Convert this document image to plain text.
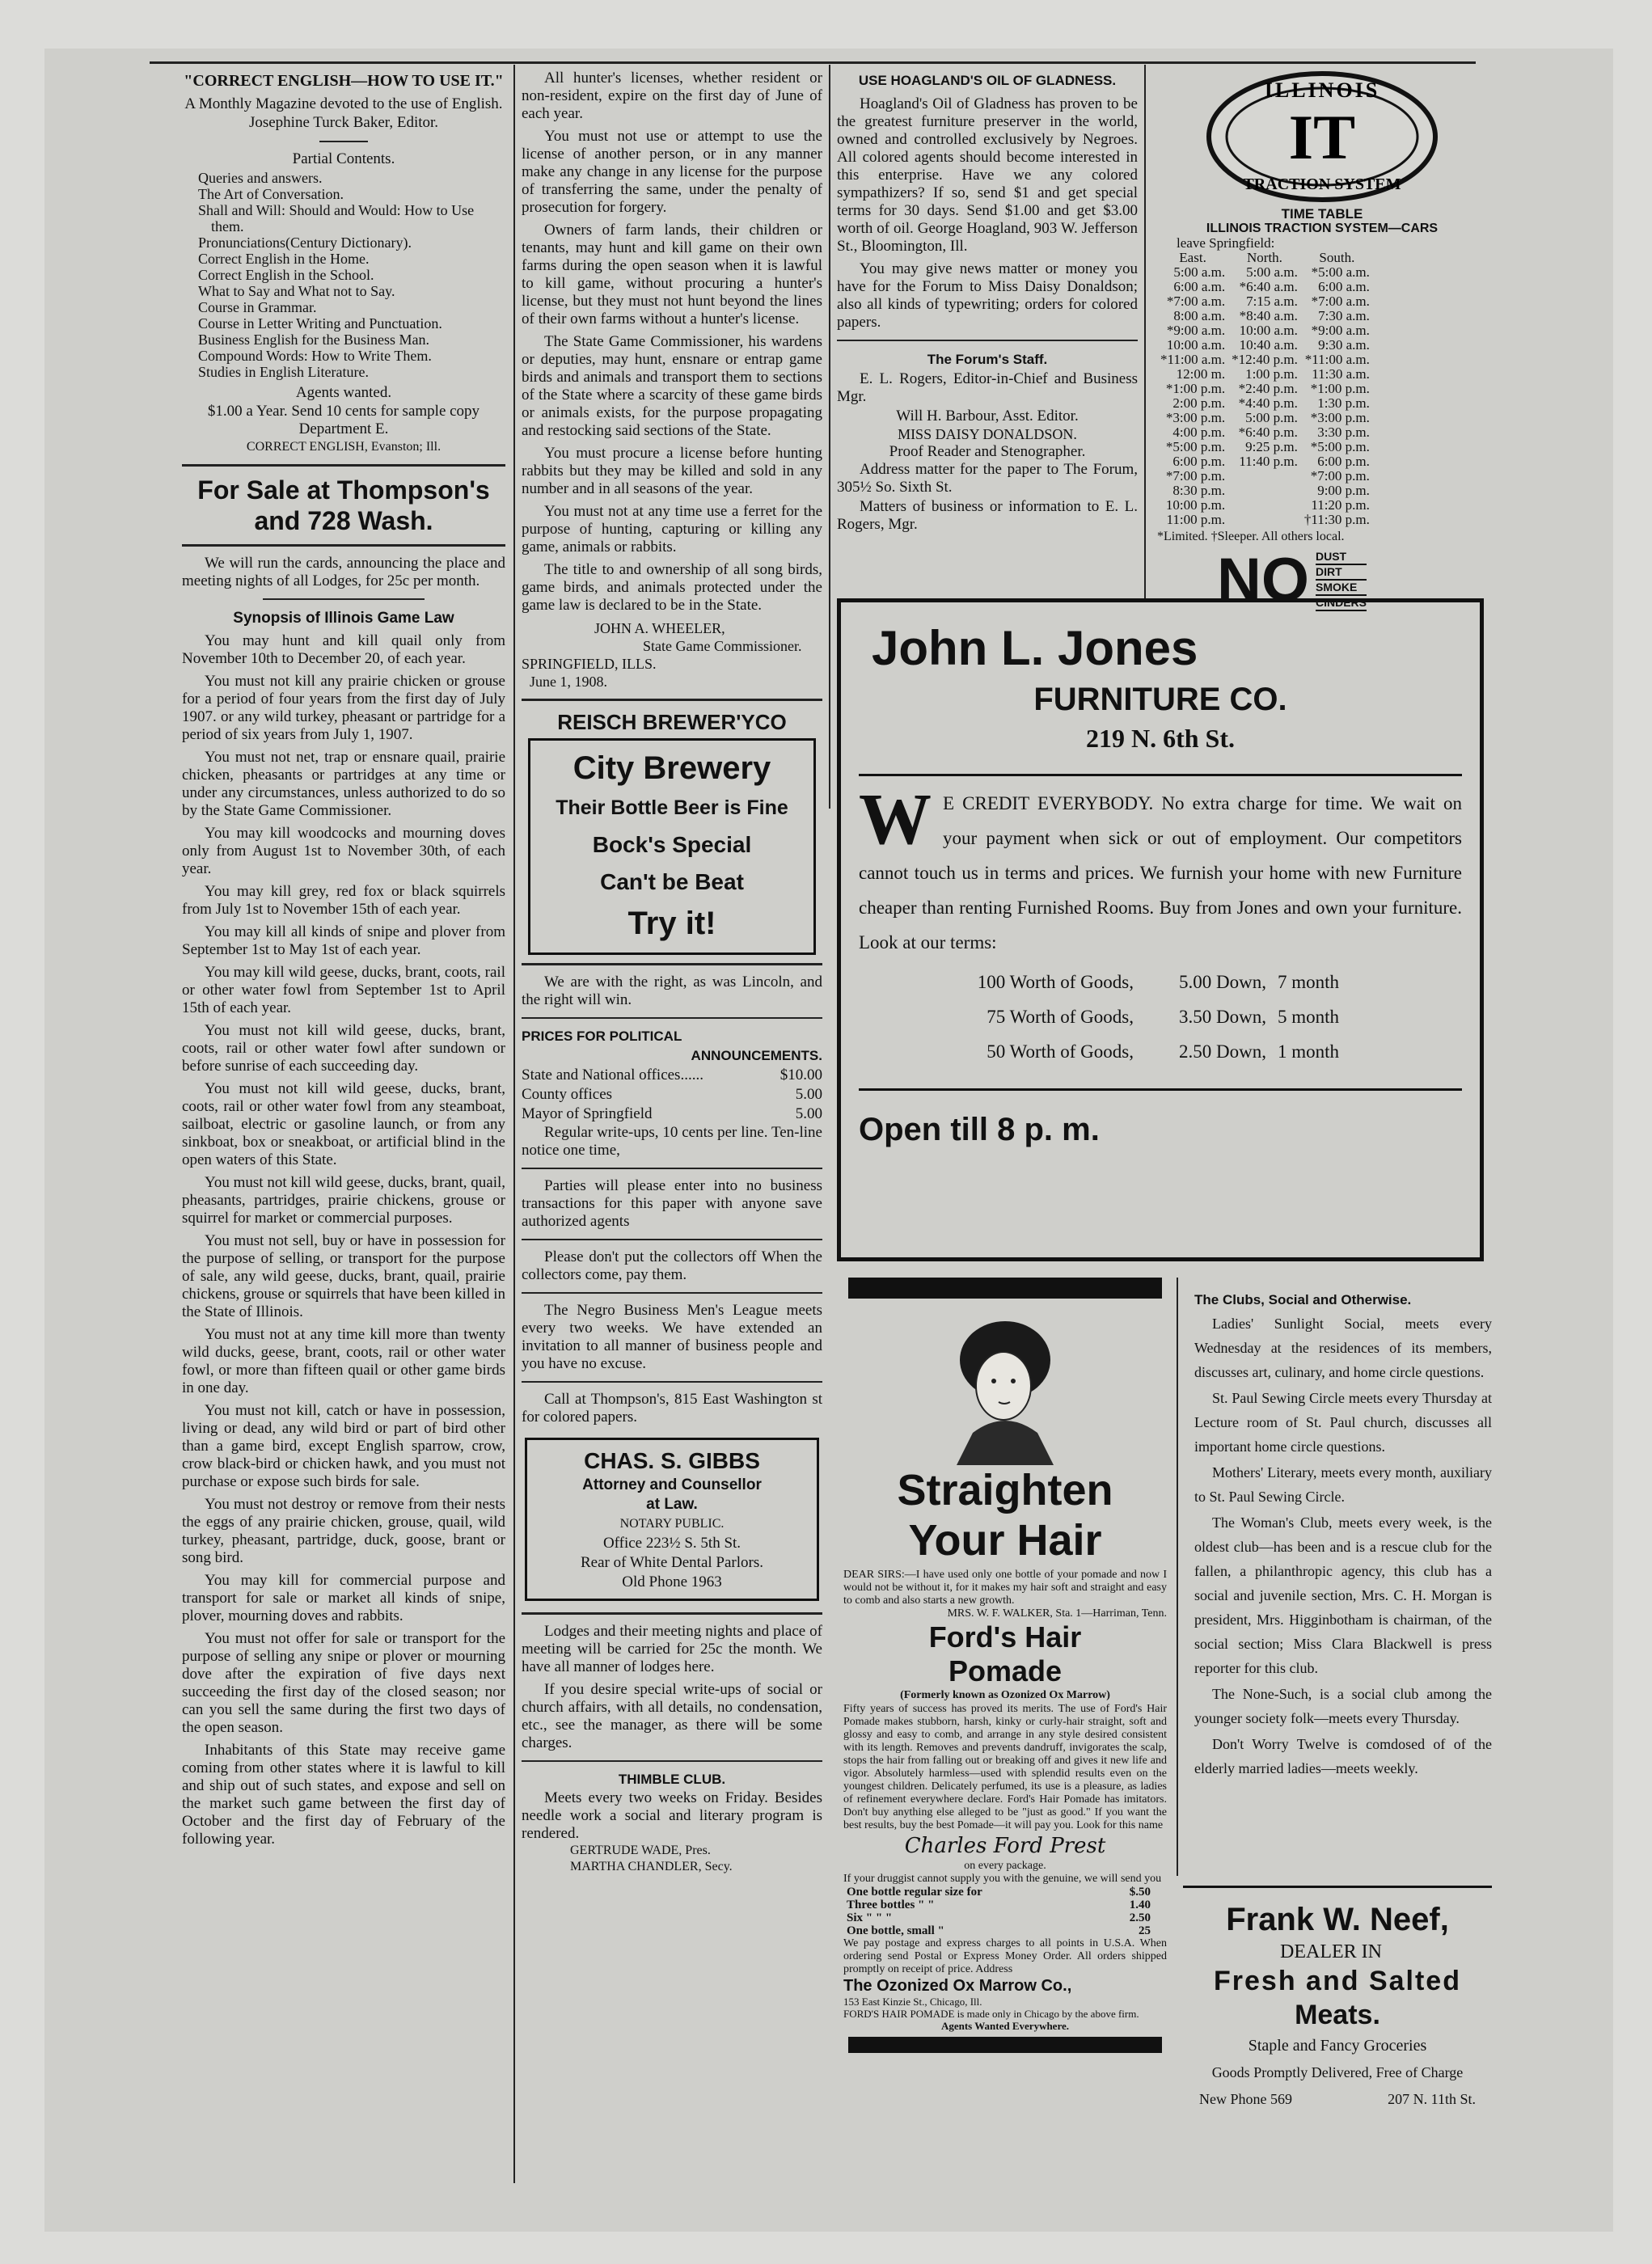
"CORRECT ENGLISH—HOW TO USE IT."
A Monthly Magazine devoted to the use of English.
Josephine Turck Baker, Editor.
Partial Contents.
Queries and answers.
The Art of Conversation.
Shall and Will: Should and Would: How to Use them.
Pronunciations(Century Dictionary).
Correct English in the Home.
Correct English in the School.
What to Say and What not to Say.
Course in Grammar.
Course in Letter Writing and Punctuation.
Business English for the Business Man.
Compound Words: How to Write Them.
Studies in English Literature.
Agents wanted.
$1.00 a Year. Send 10 cents for sample copy
Department E.
CORRECT ENGLISH, Evanston; Ill.
For Sale at Thompson's and 728 Wash.
We will run the cards, announcing the place and meeting nights of all Lodges, for 25c per month.
Synopsis of Illinois Game Law
You may hunt and kill quail only from November 10th to December 20, of each year.
You must not kill any prairie chicken or grouse for a period of four years from the first day of July 1907. or any wild turkey, pheasant or partridge for a period of six years from July 1, 1907.
You must not net, trap or ensnare quail, prairie chicken, pheasants or partridges at any time or under any circumstances, unless authorized to do so by the State Game Commissioner.
You may kill woodcocks and mourning doves only from August 1st to November 30th, of each year.
You may kill grey, red fox or black squirrels from July 1st to November 15th of each year.
You may kill all kinds of snipe and plover from September 1st to May 1st of each year.
You may kill wild geese, ducks, brant, coots, rail or other water fowl from September 1st to April 15th of each year.
You must not kill wild geese, ducks, brant, coots, rail or other water fowl after sundown or before sunrise of each succeeding day.
You must not kill wild geese, ducks, brant, coots, rail or other water fowl from any steamboat, sailboat, electric or gasoline launch, or from any sinkboat, box or sneakboat, or artificial blind in the open waters of this State.
You must not kill wild geese, ducks, brant, quail, pheasants, partridges, prairie chickens, grouse or squirrel for market or commercial purposes.
You must not sell, buy or have in possession for the purpose of selling, or transport for the purpose of sale, any wild geese, ducks, brant, quail, prairie chickens, grouse or squirrels that have been killed in the State of Illinois.
You must not at any time kill more than twenty wild ducks, geese, brant, coots, rail or other water fowl, or more than fifteen quail or other game birds in one day.
You must not kill, catch or have in possession, living or dead, any wild bird or part of bird other than a game bird, except English sparrow, crow, crow black-bird or chicken hawk, and you must not purchase or expose such birds for sale.
You must not destroy or remove from their nests the eggs of any prairie chicken, grouse, quail, wild turkey, pheasant, partridge, duck, goose, brant or song bird.
You may kill for commercial purpose and transport for sale or market all kinds of snipe, plover, mourning doves and rabbits.
You must not offer for sale or transport for the purpose of selling any snipe or plover or mourning dove after the expiration of five days next succeeding the first day of the closed season; nor can you sell the same during the first two days of the open season.
Inhabitants of this State may receive game coming from other states where it is lawful to kill and ship out of such states, and expose and sell on the market such game between the first day of October and the first day of February of the following year.
All hunter's licenses, whether resident or non-resident, expire on the first day of June of each year.
You must not use or attempt to use the license of another person, or in any manner make any change in any license for the purpose of transferring the same, under the penalty of prosecution for forgery.
Owners of farm lands, their children or tenants, may hunt and kill game on their own farms during the open season when it is lawful to kill game, without procuring a hunter's license, but they must not hunt beyond the lines of their own farms without a hunter's license.
The State Game Commissioner, his wardens or deputies, may hunt, ensnare or entrap game birds and animals and transport them to sections of the State where a scarcity of these game birds or animals exists, for the purpose propagating and restocking said sections of the State.
You must procure a license before hunting rabbits but they may be killed and sold in any number and in all seasons of the year.
You must not at any time use a ferret for the purpose of hunting, capturing or killing any game, animals or rabbits.
The title to and ownership of all song birds, game birds, and animals protected under the game law is declared to be in the State.
JOHN A. WHEELER,
State Game Commissioner.
SPRINGFIELD, ILLS.
June 1, 1908.
REISCH BREWER'YCO
City Brewery
Their Bottle Beer is Fine
Bock's Special
Can't be Beat
Try it!
We are with the right, as was Lincoln, and the right will win.
PRICES FOR POLITICAL
ANNOUNCEMENTS.
State and National offices......	$10.00
County offices	5.00
Mayor of Springfield	5.00
Regular write-ups, 10 cents per line. Ten-line notice one time,
Parties will please enter into no business transactions for this paper with anyone save authorized agents
Please don't put the collectors off When the collectors come, pay them.
The Negro Business Men's League meets every two weeks. We have extended an invitation to all manner of business people and you have no excuse.
Call at Thompson's, 815 East Washington st for colored papers.
CHAS. S. GIBBS
Attorney and Counsellor
at Law.
NOTARY PUBLIC.
Office 223½ S. 5th St.
Rear of White Dental Parlors.
Old Phone 1963
Lodges and their meeting nights and place of meeting will be carried for 25c the month. We have all manner of lodges here.
If you desire special write-ups of social or church affairs, with all details, no condensation, etc., see the manager, as there will be some charges.
THIMBLE CLUB.
Meets every two weeks on Friday. Besides needle work a social and literary program is rendered.
GERTRUDE WADE, Pres.
MARTHA CHANDLER, Secy.
USE HOAGLAND'S OIL OF GLADNESS.
Hoagland's Oil of Gladness has proven to be the greatest furniture preserver in the world, owned and controlled exclusively by Negroes. All colored agents should become interested in this enterprise. Have we any colored sympathizers? If so, send $1 and get special terms for 30 days. Send $1.00 and get $3.00 worth of oil. George Hoagland, 903 W. Jefferson St., Bloomington, Ill.
You may give news matter or money you have for the Forum to Miss Daisy Donaldson; also all kinds of typewriting; orders for colored papers.
The Forum's Staff.
E. L. Rogers, Editor-in-Chief and Business Mgr.
Will H. Barbour, Asst. Editor.
MISS DAISY DONALDSON.
Proof Reader and Stenographer.
Address matter for the paper to The Forum, 305½ So. Sixth St.
Matters of business or information to E. L. Rogers, Mgr.
ILLINOIS
IT
TRACTION SYSTEM
TIME TABLE
ILLINOIS TRACTION SYSTEM—CARS
leave Springfield:
East.	North.	South.
5:00 a.m.	5:00 a.m.	*5:00 a.m.
6:00 a.m.	*6:40 a.m.	6:00 a.m.
*7:00 a.m.	7:15 a.m.	*7:00 a.m.
8:00 a.m.	*8:40 a.m.	7:30 a.m.
*9:00 a.m.	10:00 a.m.	*9:00 a.m.
10:00 a.m.	10:40 a.m.	9:30 a.m.
*11:00 a.m.	*12:40 p.m.	*11:00 a.m.
12:00 m.	1:00 p.m.	11:30 a.m.
*1:00 p.m.	*2:40 p.m.	*1:00 p.m.
2:00 p.m.	*4:40 p.m.	1:30 p.m.
*3:00 p.m.	5:00 p.m.	*3:00 p.m.
4:00 p.m.	*6:40 p.m.	3:30 p.m.
*5:00 p.m.	9:25 p.m.	*5:00 p.m.
6:00 p.m.	11:40 p.m.	6:00 p.m.
*7:00 p.m.		*7:00 p.m.
8:30 p.m.		9:00 p.m.
10:00 p.m.		11:20 p.m.
11:00 p.m.		†11:30 p.m.
*Limited. †Sleeper. All others local.
NO DUST
DIRT
SMOKE
CINDERS
John L. Jones
FURNITURE CO.
219 N. 6th St.
W E CREDIT EVERYBODY. No extra charge for time. We wait on your payment when sick or out of employment. Our competitors cannot touch us in terms and prices. We furnish your home with new Furniture cheaper than renting Furnished Rooms. Buy from Jones and own your furniture. Look at our terms:
100 Worth of Goods,	5.00 Down, 7 month
75 Worth of Goods,	3.50 Down, 5 month
50 Worth of Goods,	2.50 Down, 1 month
Open till 8 p. m.
Straighten
Your Hair
DEAR SIRS:—I have used only one bottle of your pomade and now I would not be without it, for it makes my hair soft and straight and easy to comb and also starts a new growth.
MRS. W. F. WALKER, Sta. 1—Harriman, Tenn.
Ford's Hair
Pomade
(Formerly known as Ozonized Ox Marrow)
Fifty years of success has proved its merits. The use of Ford's Hair Pomade makes stubborn, harsh, kinky or curly-hair straight, soft and glossy and easy to comb, and arrange in any style desired consistent with its length. Removes and prevents dandruff, invigorates the scalp, stops the hair from falling out or breaking off and gives it new life and vigor. Absolutely harmless—used with splendid results even on the youngest children. Delicately perfumed, its use is a pleasure, as ladies of refinement everywhere declare. Ford's Hair Pomade has imitators. Don't buy anything else alleged to be "just as good." If you want the best results, buy the best Pomade—it will pay you. Look for this name
Charles Ford Prest
on every package.
If your druggist cannot supply you with the genuine, we will send you
One bottle regular size for	$.50
Three bottles " "	1.40
Six " " "	2.50
One bottle, small "	25
We pay postage and express charges to all points in U.S.A. When ordering send Postal or Express Money Order. All orders shipped promptly on receipt of price. Address
The Ozonized Ox Marrow Co.,
153 East Kinzie St., Chicago, Ill.
FORD'S HAIR POMADE is made only in Chicago by the above firm.
Agents Wanted Everywhere.
The Clubs, Social and Otherwise.
Ladies' Sunlight Social, meets every Wednesday at the residences of its members, discusses art, culinary, and home circle questions.
St. Paul Sewing Circle meets every Thursday at Lecture room of St. Paul church, discusses all important home circle questions.
Mothers' Literary, meets every month, auxiliary to St. Paul Sewing Circle.
The Woman's Club, meets every week, is the oldest club—has been and is a rescue club for the fallen, a philanthropic agency, this club has a social and juvenile section, Mrs. C. H. Morgan is president, Mrs. Higginbotham is chairman, of the social section; Miss Clara Blackwell is press reporter for this club.
The None-Such, is a social club among the younger society folk—meets every Thursday.
Don't Worry Twelve is comdosed of of the elderly married ladies—meets weekly.
Frank W. Neef,
DEALER IN
Fresh and Salted
Meats.
Staple and Fancy Groceries
Goods Promptly Delivered, Free of Charge
New Phone 569	207 N. 11th St.
